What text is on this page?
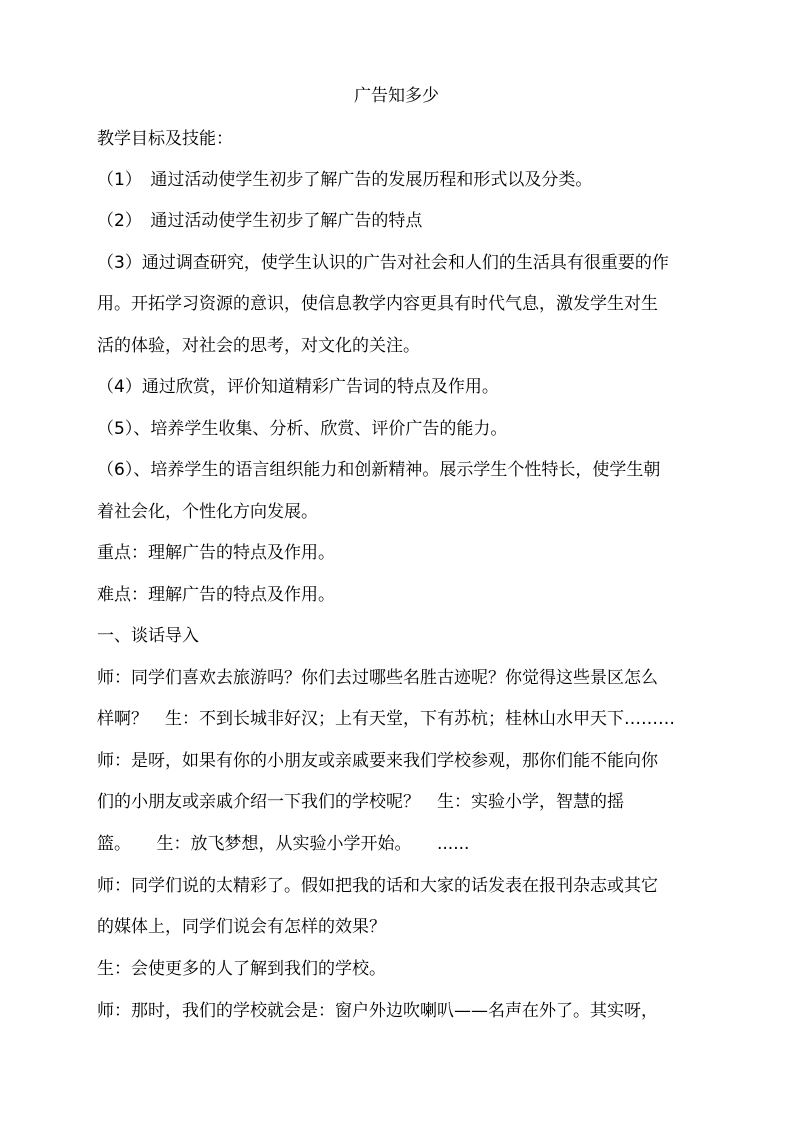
广告知多少
教学目标及技能：
（1）　通过活动使学生初步了解广告的发展历程和形式以及分类。
（2）　通过活动使学生初步了解广告的特点
（3）通过调查研究，使学生认识的广告对社会和人们的生活具有很重要的作
用。开拓学习资源的意识，使信息教学内容更具有时代气息，激发学生对生
活的体验，对社会的思考，对文化的关注。
（4）通过欣赏，评价知道精彩广告词的特点及作用。
（5）、培养学生收集、分析、欣赏、评价广告的能力。
（6）、培养学生的语言组织能力和创新精神。展示学生个性特长，使学生朝
着社会化，个性化方向发展。
重点：理解广告的特点及作用。
难点：理解广告的特点及作用。
一、谈话导入
师：同学们喜欢去旅游吗？你们去过哪些名胜古迹呢？你觉得这些景区怎么
样啊？　生：不到长城非好汉；上有天堂，下有苏杭；桂林山水甲天下………
师：是呀，如果有你的小朋友或亲戚要来我们学校参观，那你们能不能向你
们的小朋友或亲戚介绍一下我们的学校呢？　生：实验小学，智慧的摇
篮。　　生：放飞梦想，从实验小学开始。　　......
师：同学们说的太精彩了。假如把我的话和大家的话发表在报刊杂志或其它
的媒体上，同学们说会有怎样的效果？
生：会使更多的人了解到我们的学校。
师：那时，我们的学校就会是：窗户外边吹喇叭——名声在外了。其实呀，
